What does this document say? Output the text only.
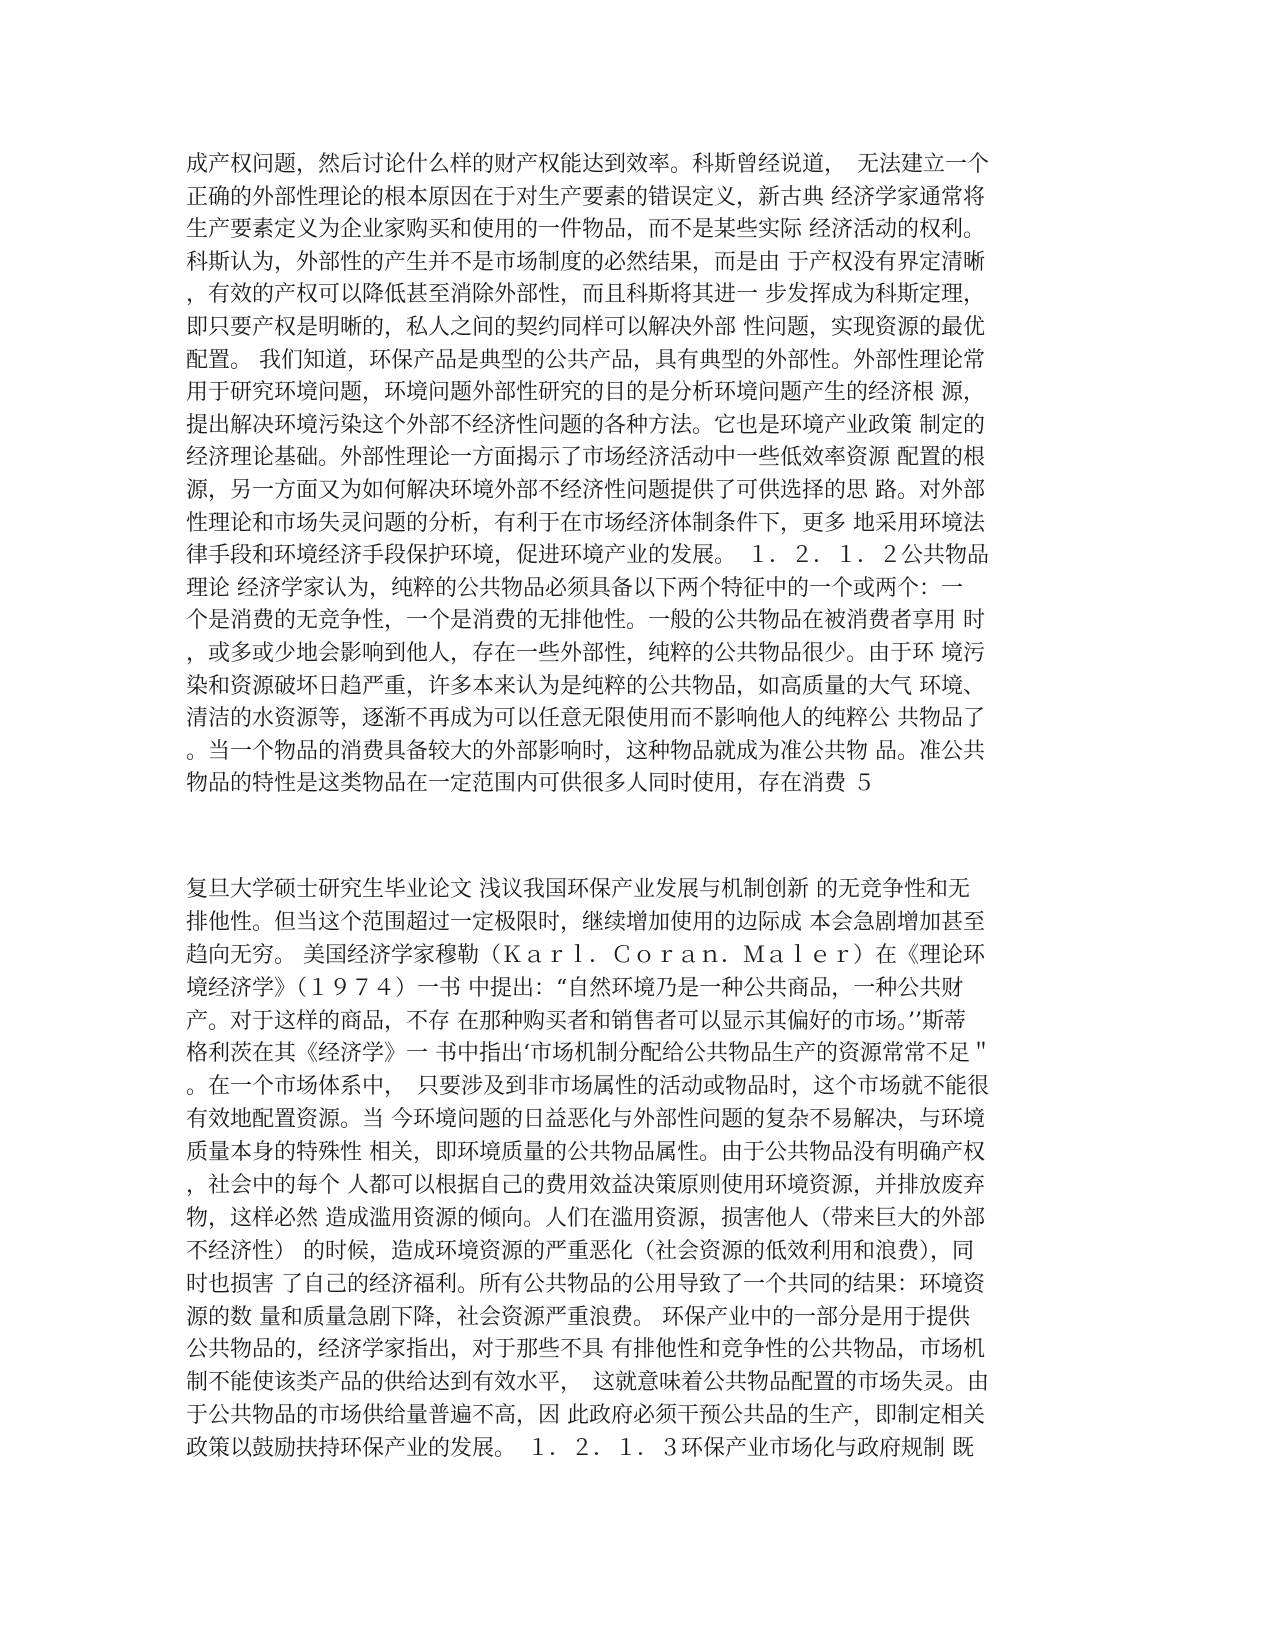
成产权问题，然后讨论什么样的财产权能达到效率。科斯曾经说道，　无法建立一个
正确的外部性理论的根本原因在于对生产要素的错误定义，新古典 经济学家通常将
生产要素定义为企业家购买和使用的一件物品，而不是某些实际 经济活动的权利。
科斯认为，外部性的产生并不是市场制度的必然结果，而是由 于产权没有界定清晰
，有效的产权可以降低甚至消除外部性，而且科斯将其进一 步发挥成为科斯定理，
即只要产权是明晰的，私人之间的契约同样可以解决外部 性问题，实现资源的最优
配置。 我们知道，环保产品是典型的公共产品，具有典型的外部性。外部性理论常
用于研究环境问题，环境问题外部性研究的目的是分析环境问题产生的经济根 源，
提出解决环境污染这个外部不经济性问题的各种方法。它也是环境产业政策 制定的
经济理论基础。外部性理论一方面揭示了市场经济活动中一些低效率资源 配置的根
源，另一方面又为如何解决环境外部不经济性问题提供了可供选择的思 路。对外部
性理论和市场失灵问题的分析，有利于在市场经济体制条件下，更多 地采用环境法
律手段和环境经济手段保护环境，促进环境产业的发展。　１．２．１．２公共物品
理论 经济学家认为，纯粹的公共物品必须具备以下两个特征中的一个或两个：一
个是消费的无竞争性，一个是消费的无排他性。一般的公共物品在被消费者享用 时
，或多或少地会影响到他人，存在一些外部性，纯粹的公共物品很少。由于环 境污
染和资源破坏日趋严重，许多本来认为是纯粹的公共物品，如高质量的大气 环境、
清洁的水资源等，逐渐不再成为可以任意无限使用而不影响他人的纯粹公 共物品了
。当一个物品的消费具备较大的外部影响时，这种物品就成为准公共物 品。准公共
物品的特性是这类物品在一定范围内可供很多人同时使用，存在消费 ５
复旦大学硕士研究生毕业论文 浅议我国环保产业发展与机制创新 的无竞争性和无
排他性。但当这个范围超过一定极限时，继续增加使用的边际成 本会急剧增加甚至
趋向无穷。 美国经济学家穆勒（Ｋａｒｌ．Ｃｏｒａｎ．Ｍａｌｅｒ）在《理论环
境经济学》（１９７４）一书 中提出：“自然环境乃是一种公共商品，一种公共财
产。对于这样的商品，不存 在那种购买者和销售者可以显示其偏好的市场。’’斯蒂
格利茨在其《经济学》一 书中指出‘市场机制分配给公共物品生产的资源常常不足＂
。在一个市场体系中，　只要涉及到非市场属性的活动或物品时，这个市场就不能很
有效地配置资源。当 今环境问题的日益恶化与外部性问题的复杂不易解决，与环境
质量本身的特殊性 相关，即环境质量的公共物品属性。由于公共物品没有明确产权
，社会中的每个 人都可以根据自己的费用效益决策原则使用环境资源，并排放废弃
物，这样必然 造成滥用资源的倾向。人们在滥用资源，损害他人（带来巨大的外部
不经济性） 的时候，造成环境资源的严重恶化（社会资源的低效利用和浪费），同
时也损害 了自己的经济福利。所有公共物品的公用导致了一个共同的结果：环境资
源的数 量和质量急剧下降，社会资源严重浪费。 环保产业中的一部分是用于提供
公共物品的，经济学家指出，对于那些不具 有排他性和竞争性的公共物品，市场机
制不能使该类产品的供给达到有效水平，　这就意味着公共物品配置的市场失灵。由
于公共物品的市场供给量普遍不高，因 此政府必须干预公共品的生产，即制定相关
政策以鼓励扶持环保产业的发展。　１．２．１．３环保产业市场化与政府规制 既
